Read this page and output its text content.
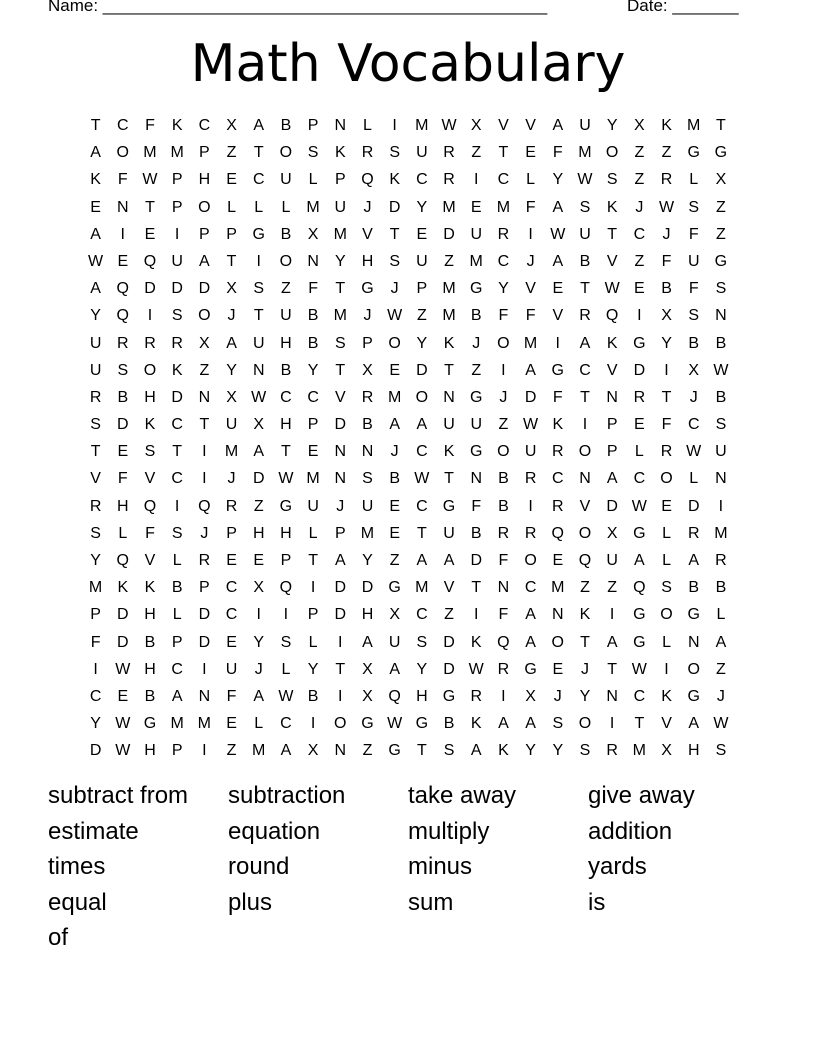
Name: _______________________________________________	Date: _______
Math Vocabulary
T	C	F	K	C	X	A	B	P	N	L	I	M W X	V	V	A	U	Y	X	K M T
A O M M P	Z	T	O S	K	R	S	U R	Z	T	E	F M O	Z	Z	G G
K	F W P	H	E	C U	L	P Q K	C R	I	C	L	Y W S	Z	R	L	X
E	N	T	P O	L	L	L	M U	J	D	Y M E M F	A	S	K	J W S	Z
A	I	E	I	P	P G B	X M V	T	E	D U R	I	W U	T	C	J	F	Z
W E Q U	A	T	I	O N	Y	H	S	U	Z M C	J	A	B	V	Z	F	U G
A Q D D D	X	S	Z	F	T	G	J	P M G Y	V	E	T W E	B	F	S
Y Q	I	S O	J	T	U	B M	J W Z M B	F	F	V	R Q	I	X	S	N
U R R R	X	A	U H	B	S	P O Y	K	J	O M	I	A	K G Y	B	B
U	S O K	Z	Y	N	B	Y	T	X	E	D	T	Z	I	A G C	V	D	I	X W
R	B	H D N	X W C C	V	R M O N G	J	D	F	T	N R	T	J	B
S	D	K	C	T	U	X	H	P	D	B	A	A	U U	Z W K	I	P	E	F	C	S
T	E	S	T	I	M A	T	E	N N	J	C	K G O U R O P	L	R W U
V	F	V	C	I	J	D W M N	S	B W T	N	B	R C N	A	C O	L	N
R H Q	I	Q R	Z	G U	J	U	E	C G	F	B	I	R	V	D W E	D	I
S	L	F	S	J	P	H H	L	P M E	T	U	B	R R Q O X G	L	R M
Y Q V	L	R	E	E	P	T	A	Y	Z	A	A	D	F	O E Q U	A	L	A	R
M K	K	B	P	C	X Q	I	D D G M V	T	N C M Z	Z	Q S	B	B
P	D H	L	D C	I	I	P	D H	X	C	Z	I	F	A	N	K	I	G O G	L
F	D	B	P	D	E	Y	S	L	I	A	U	S	D	K Q A O	T	A G	L	N	A
I	W H C	I	U	J	L	Y	T	X	A	Y	D W R G E	J	T W	I	O	Z
C	E	B	A	N	F	A W B	I	X Q H G R	I	X	J	Y	N C	K G	J
Y W G M M E	L	C	I	O G W G B	K	A	A	S O	I	T	V	A W
D W H	P	I	Z M A	X	N	Z	G	T	S	A	K	Y	Y	S	R M X	H	S
subtract from	subtraction	take away	give away
estimate	equation	multiply	addition
times	round	minus	yards
equal	plus	sum	is
of
